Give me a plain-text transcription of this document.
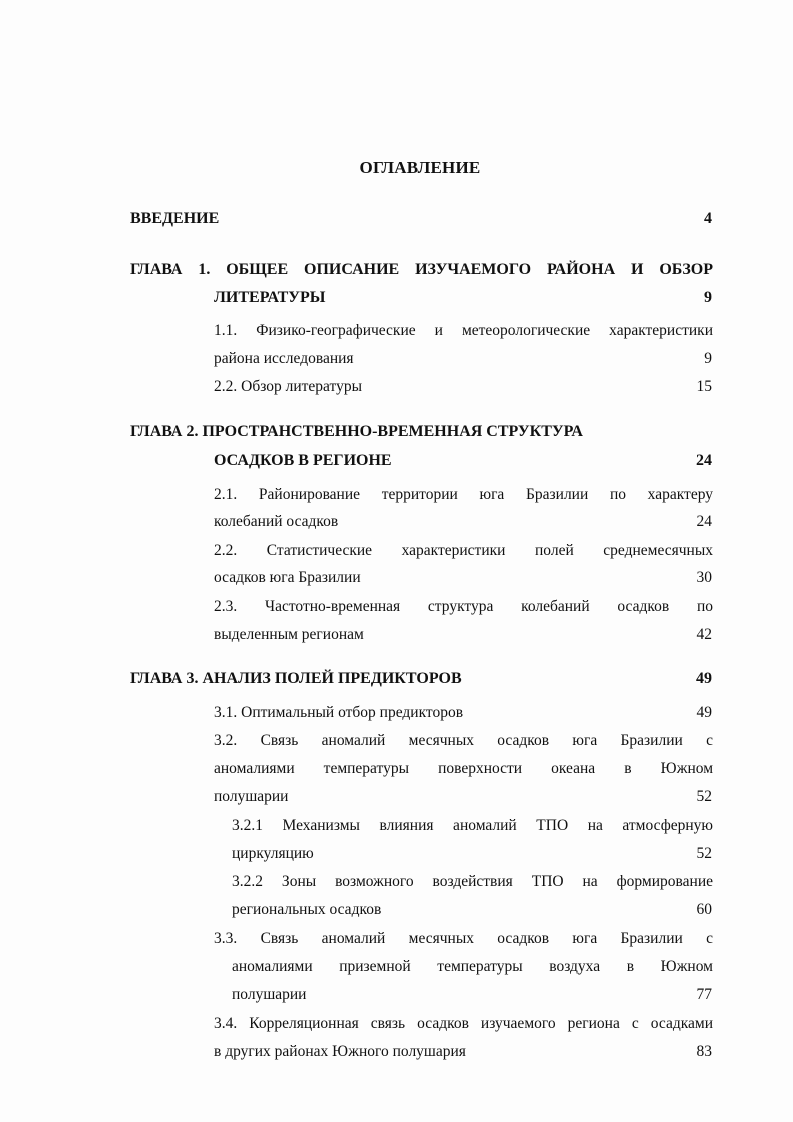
ОГЛАВЛЕНИЕ
ВВЕДЕНИЕ	4
ГЛАВА 1. ОБЩЕЕ ОПИСАНИЕ ИЗУЧАЕМОГО РАЙОНА И ОБЗОР
ЛИТЕРАТУРЫ	9
1.1. Физико-географические и метеорологические характеристики
района исследования	9
2.2. Обзор литературы	15
ГЛАВА 2. ПРОСТРАНСТВЕННО-ВРЕМЕННАЯ СТРУКТУРА
ОСАДКОВ В РЕГИОНЕ	24
2.1. Районирование территории юга Бразилии по характеру
колебаний осадков	24
2.2. Статистические характеристики полей среднемесячных
осадков юга Бразилии	30
2.3. Частотно-временная структура колебаний осадков по
выделенным регионам	42
ГЛАВА 3. АНАЛИЗ ПОЛЕЙ ПРЕДИКТОРОВ	49
3.1. Оптимальный отбор предикторов	49
3.2. Связь аномалий месячных осадков юга Бразилии с
аномалиями температуры поверхности океана в Южном
полушарии	52
3.2.1 Механизмы влияния аномалий ТПО на атмосферную
циркуляцию	52
3.2.2 Зоны возможного воздействия ТПО на формирование
региональных осадков	60
3.3. Связь аномалий месячных осадков юга Бразилии с
аномалиями приземной температуры воздуха в Южном
полушарии	77
3.4. Корреляционная связь осадков изучаемого региона с осадками
в других районах Южного полушария	83
